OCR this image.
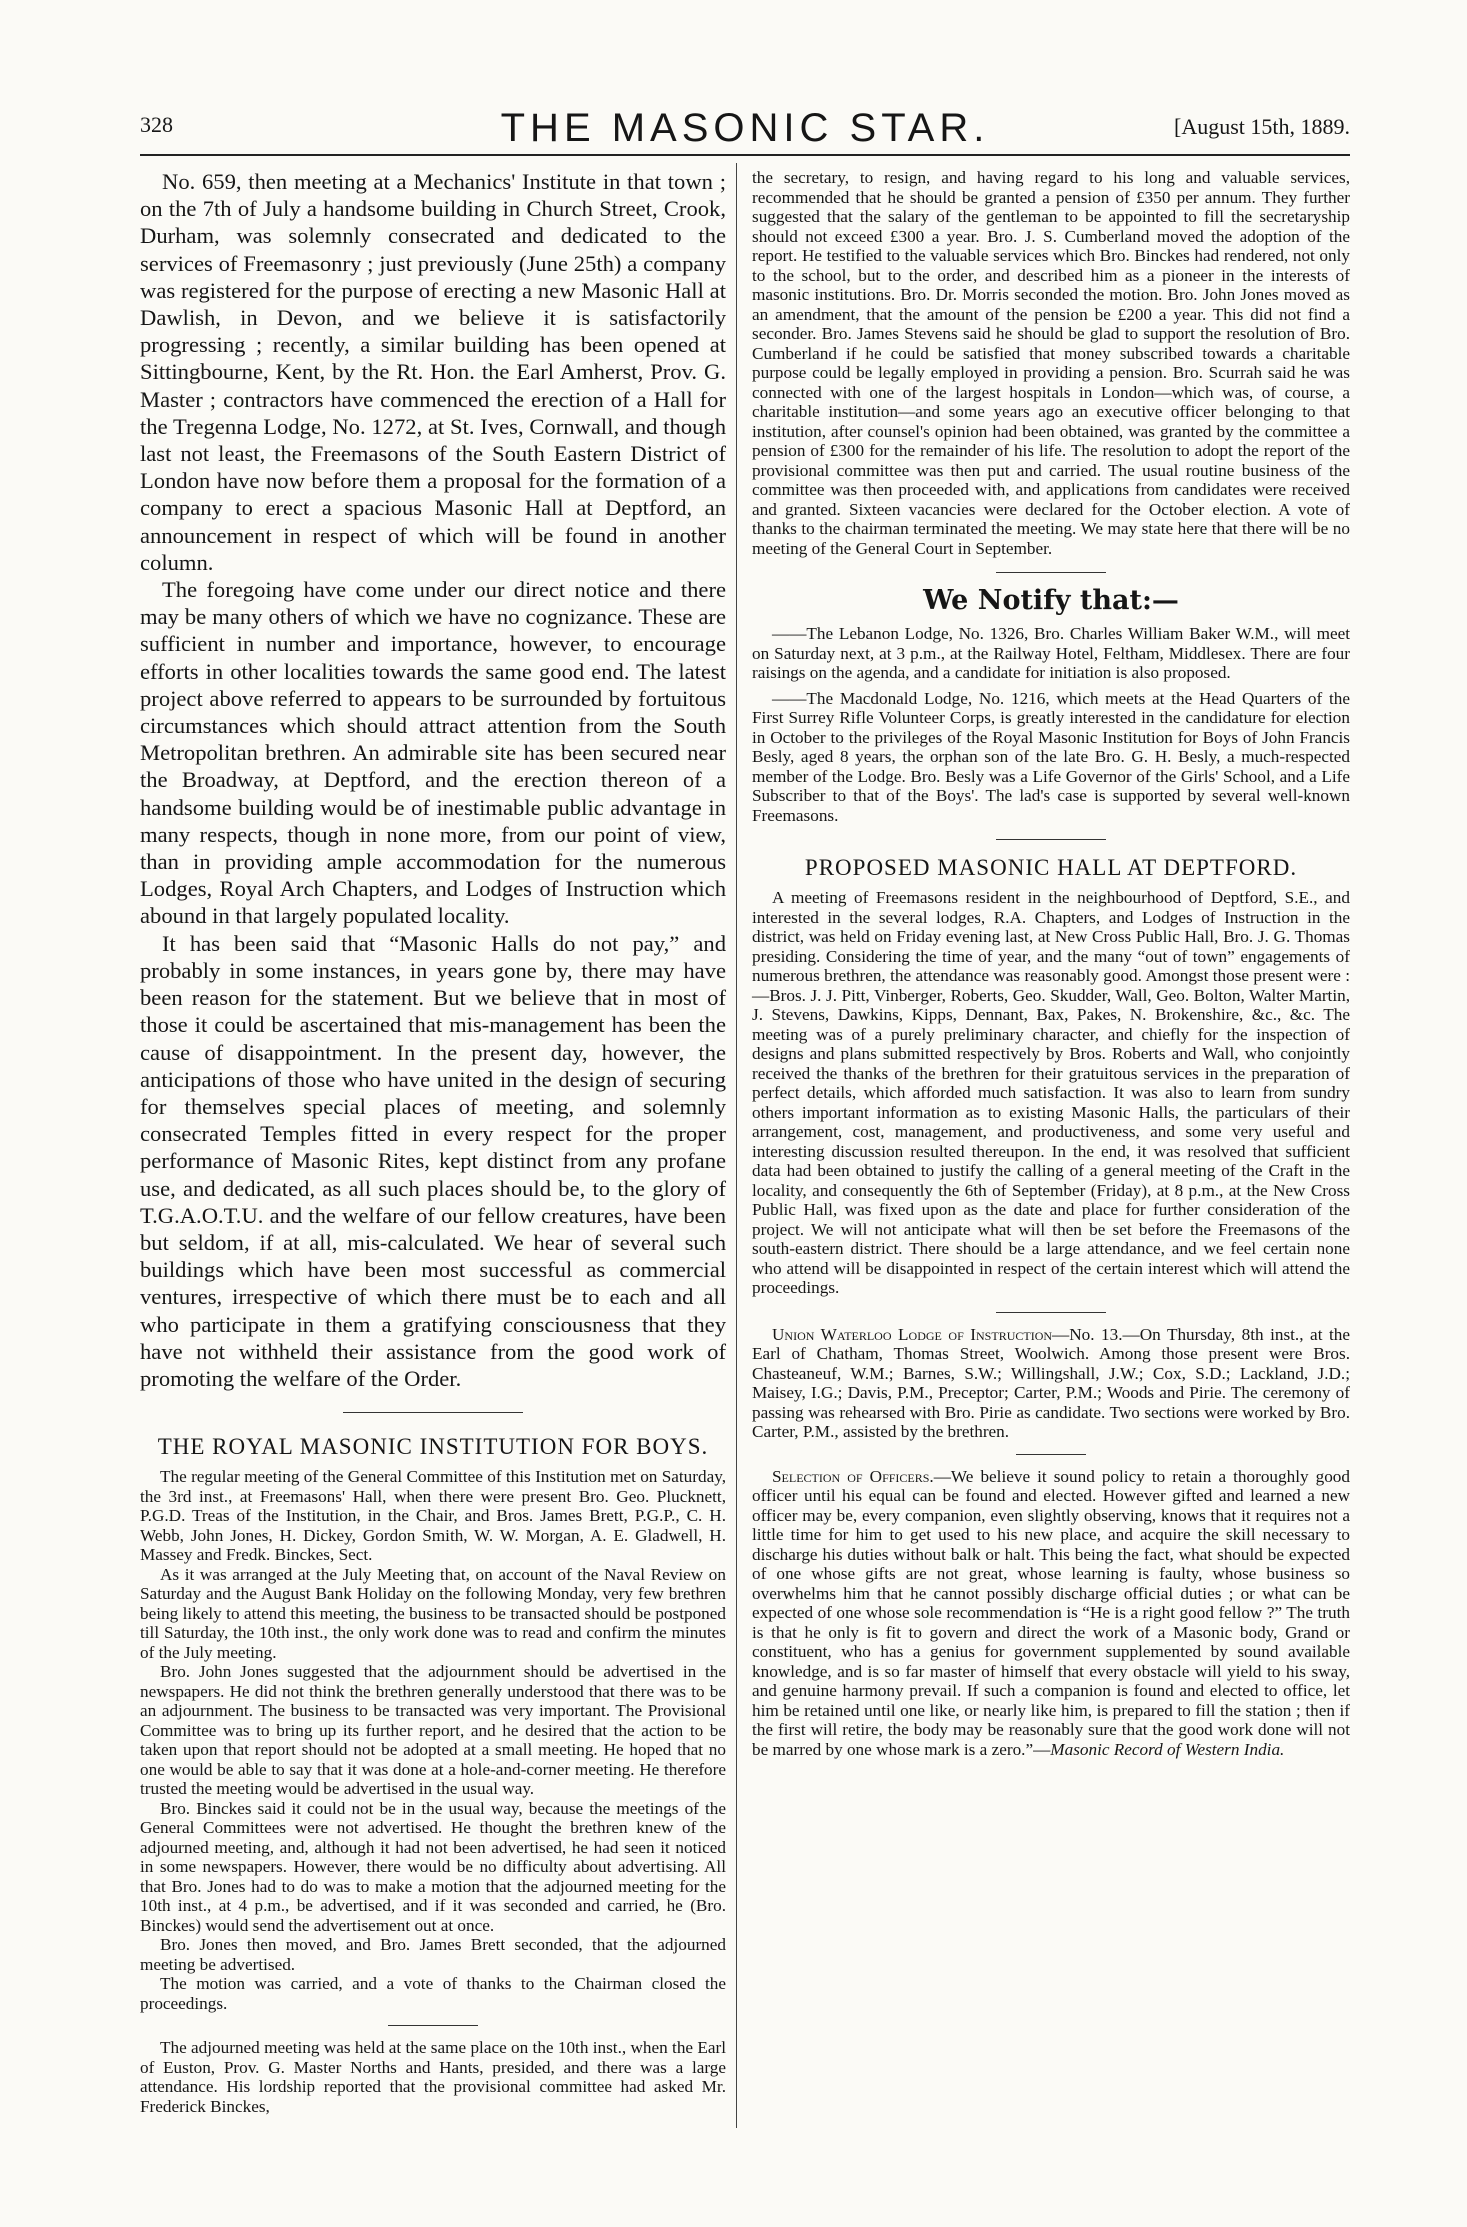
328	THE MASONIC STAR.	[August 15th, 1889.

No. 659, then meeting at a Mechanics' Institute in that town ; on the 7th of July a handsome building in Church Street, Crook, Durham, was solemnly consecrated and dedicated to the services of Freemasonry ; just previously (June 25th) a company was registered for the purpose of erecting a new Masonic Hall at Dawlish, in Devon, and we believe it is satisfactorily progressing ; recently, a similar building has been opened at Sittingbourne, Kent, by the Rt. Hon. the Earl Amherst, Prov. G. Master ; contractors have commenced the erection of a Hall for the Tregenna Lodge, No. 1272, at St. Ives, Cornwall, and though last not least, the Freemasons of the South Eastern District of London have now before them a proposal for the formation of a company to erect a spacious Masonic Hall at Deptford, an announcement in respect of which will be found in another column.

The foregoing have come under our direct notice and there may be many others of which we have no cognizance. These are sufficient in number and importance, however, to encourage efforts in other localities towards the same good end. The latest project above referred to appears to be surrounded by fortuitous circumstances which should attract attention from the South Metropolitan brethren. An admirable site has been secured near the Broadway, at Deptford, and the erection thereon of a handsome building would be of inestimable public advantage in many respects, though in none more, from our point of view, than in providing ample accommodation for the numerous Lodges, Royal Arch Chapters, and Lodges of Instruction which abound in that largely populated locality.

It has been said that “Masonic Halls do not pay,” and probably in some instances, in years gone by, there may have been reason for the statement. But we believe that in most of those it could be ascertained that mis-management has been the cause of disappointment. In the present day, however, the anticipations of those who have united in the design of securing for themselves special places of meeting, and solemnly consecrated Temples fitted in every respect for the proper performance of Masonic Rites, kept distinct from any profane use, and dedicated, as all such places should be, to the glory of T.G.A.O.T.U. and the welfare of our fellow creatures, have been but seldom, if at all, mis-calculated. We hear of several such buildings which have been most successful as commercial ventures, irrespective of which there must be to each and all who participate in them a gratifying consciousness that they have not withheld their assistance from the good work of promoting the welfare of the Order.

THE ROYAL MASONIC INSTITUTION FOR BOYS.

The regular meeting of the General Committee of this Institution met on Saturday, the 3rd inst., at Freemasons' Hall, when there were present Bro. Geo. Plucknett, P.G.D. Treas of the Institution, in the Chair, and Bros. James Brett, P.G.P., C. H. Webb, John Jones, H. Dickey, Gordon Smith, W. W. Morgan, A. E. Gladwell, H. Massey and Fredk. Binckes, Sect.

As it was arranged at the July Meeting that, on account of the Naval Review on Saturday and the August Bank Holiday on the following Monday, very few brethren being likely to attend this meeting, the business to be transacted should be postponed till Saturday, the 10th inst., the only work done was to read and confirm the minutes of the July meeting.

Bro. John Jones suggested that the adjournment should be advertised in the newspapers. He did not think the brethren generally understood that there was to be an adjournment. The business to be transacted was very important. The Provisional Committee was to bring up its further report, and he desired that the action to be taken upon that report should not be adopted at a small meeting. He hoped that no one would be able to say that it was done at a hole-and-corner meeting. He therefore trusted the meeting would be advertised in the usual way.

Bro. Binckes said it could not be in the usual way, because the meetings of the General Committees were not advertised. He thought the brethren knew of the adjourned meeting, and, although it had not been advertised, he had seen it noticed in some newspapers. However, there would be no difficulty about advertising. All that Bro. Jones had to do was to make a motion that the adjourned meeting for the 10th inst., at 4 p.m., be advertised, and if it was seconded and carried, he (Bro. Binckes) would send the advertisement out at once.

Bro. Jones then moved, and Bro. James Brett seconded, that the adjourned meeting be advertised.

The motion was carried, and a vote of thanks to the Chairman closed the proceedings.

The adjourned meeting was held at the same place on the 10th inst., when the Earl of Euston, Prov. G. Master Norths and Hants, presided, and there was a large attendance. His lordship reported that the provisional committee had asked Mr. Frederick Binckes,

the secretary, to resign, and having regard to his long and valuable services, recommended that he should be granted a pension of £350 per annum. They further suggested that the salary of the gentleman to be appointed to fill the secretaryship should not exceed £300 a year. Bro. J. S. Cumberland moved the adoption of the report. He testified to the valuable services which Bro. Binckes had rendered, not only to the school, but to the order, and described him as a pioneer in the interests of masonic institutions. Bro. Dr. Morris seconded the motion. Bro. John Jones moved as an amendment, that the amount of the pension be £200 a year. This did not find a seconder. Bro. James Stevens said he should be glad to support the resolution of Bro. Cumberland if he could be satisfied that money subscribed towards a charitable purpose could be legally employed in providing a pension. Bro. Scurrah said he was connected with one of the largest hospitals in London—which was, of course, a charitable institution—and some years ago an executive officer belonging to that institution, after counsel's opinion had been obtained, was granted by the committee a pension of £300 for the remainder of his life. The resolution to adopt the report of the provisional committee was then put and carried. The usual routine business of the committee was then proceeded with, and applications from candidates were received and granted. Sixteen vacancies were declared for the October election. A vote of thanks to the chairman terminated the meeting. We may state here that there will be no meeting of the General Court in September.

We Notify that:—

——The Lebanon Lodge, No. 1326, Bro. Charles William Baker W.M., will meet on Saturday next, at 3 p.m., at the Railway Hotel, Feltham, Middlesex. There are four raisings on the agenda, and a candidate for initiation is also proposed.

——The Macdonald Lodge, No. 1216, which meets at the Head Quarters of the First Surrey Rifle Volunteer Corps, is greatly interested in the candidature for election in October to the privileges of the Royal Masonic Institution for Boys of John Francis Besly, aged 8 years, the orphan son of the late Bro. G. H. Besly, a much-respected member of the Lodge. Bro. Besly was a Life Governor of the Girls' School, and a Life Subscriber to that of the Boys'. The lad's case is supported by several well-known Freemasons.

PROPOSED MASONIC HALL AT DEPTFORD.

A meeting of Freemasons resident in the neighbourhood of Deptford, S.E., and interested in the several lodges, R.A. Chapters, and Lodges of Instruction in the district, was held on Friday evening last, at New Cross Public Hall, Bro. J. G. Thomas presiding. Considering the time of year, and the many “out of town” engagements of numerous brethren, the attendance was reasonably good. Amongst those present were :—Bros. J. J. Pitt, Vinberger, Roberts, Geo. Skudder, Wall, Geo. Bolton, Walter Martin, J. Stevens, Dawkins, Kipps, Dennant, Bax, Pakes, N. Brokenshire, &c., &c. The meeting was of a purely preliminary character, and chiefly for the inspection of designs and plans submitted respectively by Bros. Roberts and Wall, who conjointly received the thanks of the brethren for their gratuitous services in the preparation of perfect details, which afforded much satisfaction. It was also to learn from sundry others important information as to existing Masonic Halls, the particulars of their arrangement, cost, management, and productiveness, and some very useful and interesting discussion resulted thereupon. In the end, it was resolved that sufficient data had been obtained to justify the calling of a general meeting of the Craft in the locality, and consequently the 6th of September (Friday), at 8 p.m., at the New Cross Public Hall, was fixed upon as the date and place for further consideration of the project. We will not anticipate what will then be set before the Freemasons of the south-eastern district. There should be a large attendance, and we feel certain none who attend will be disappointed in respect of the certain interest which will attend the proceedings.

Union Waterloo Lodge of Instruction—No. 13.—On Thursday, 8th inst., at the Earl of Chatham, Thomas Street, Woolwich. Among those present were Bros. Chasteaneuf, W.M.; Barnes, S.W.; Willingshall, J.W.; Cox, S.D.; Lackland, J.D.; Maisey, I.G.; Davis, P.M., Preceptor; Carter, P.M.; Woods and Pirie. The ceremony of passing was rehearsed with Bro. Pirie as candidate. Two sections were worked by Bro. Carter, P.M., assisted by the brethren.

Selection of Officers.—We believe it sound policy to retain a thoroughly good officer until his equal can be found and elected. However gifted and learned a new officer may be, every companion, even slightly observing, knows that it requires not a little time for him to get used to his new place, and acquire the skill necessary to discharge his duties without balk or halt. This being the fact, what should be expected of one whose gifts are not great, whose learning is faulty, whose business so overwhelms him that he cannot possibly discharge official duties ; or what can be expected of one whose sole recommendation is “He is a right good fellow ?” The truth is that he only is fit to govern and direct the work of a Masonic body, Grand or constituent, who has a genius for government supplemented by sound available knowledge, and is so far master of himself that every obstacle will yield to his sway, and genuine harmony prevail. If such a companion is found and elected to office, let him be retained until one like, or nearly like him, is prepared to fill the station ; then if the first will retire, the body may be reasonably sure that the good work done will not be marred by one whose mark is a zero.”—Masonic Record of Western India.
